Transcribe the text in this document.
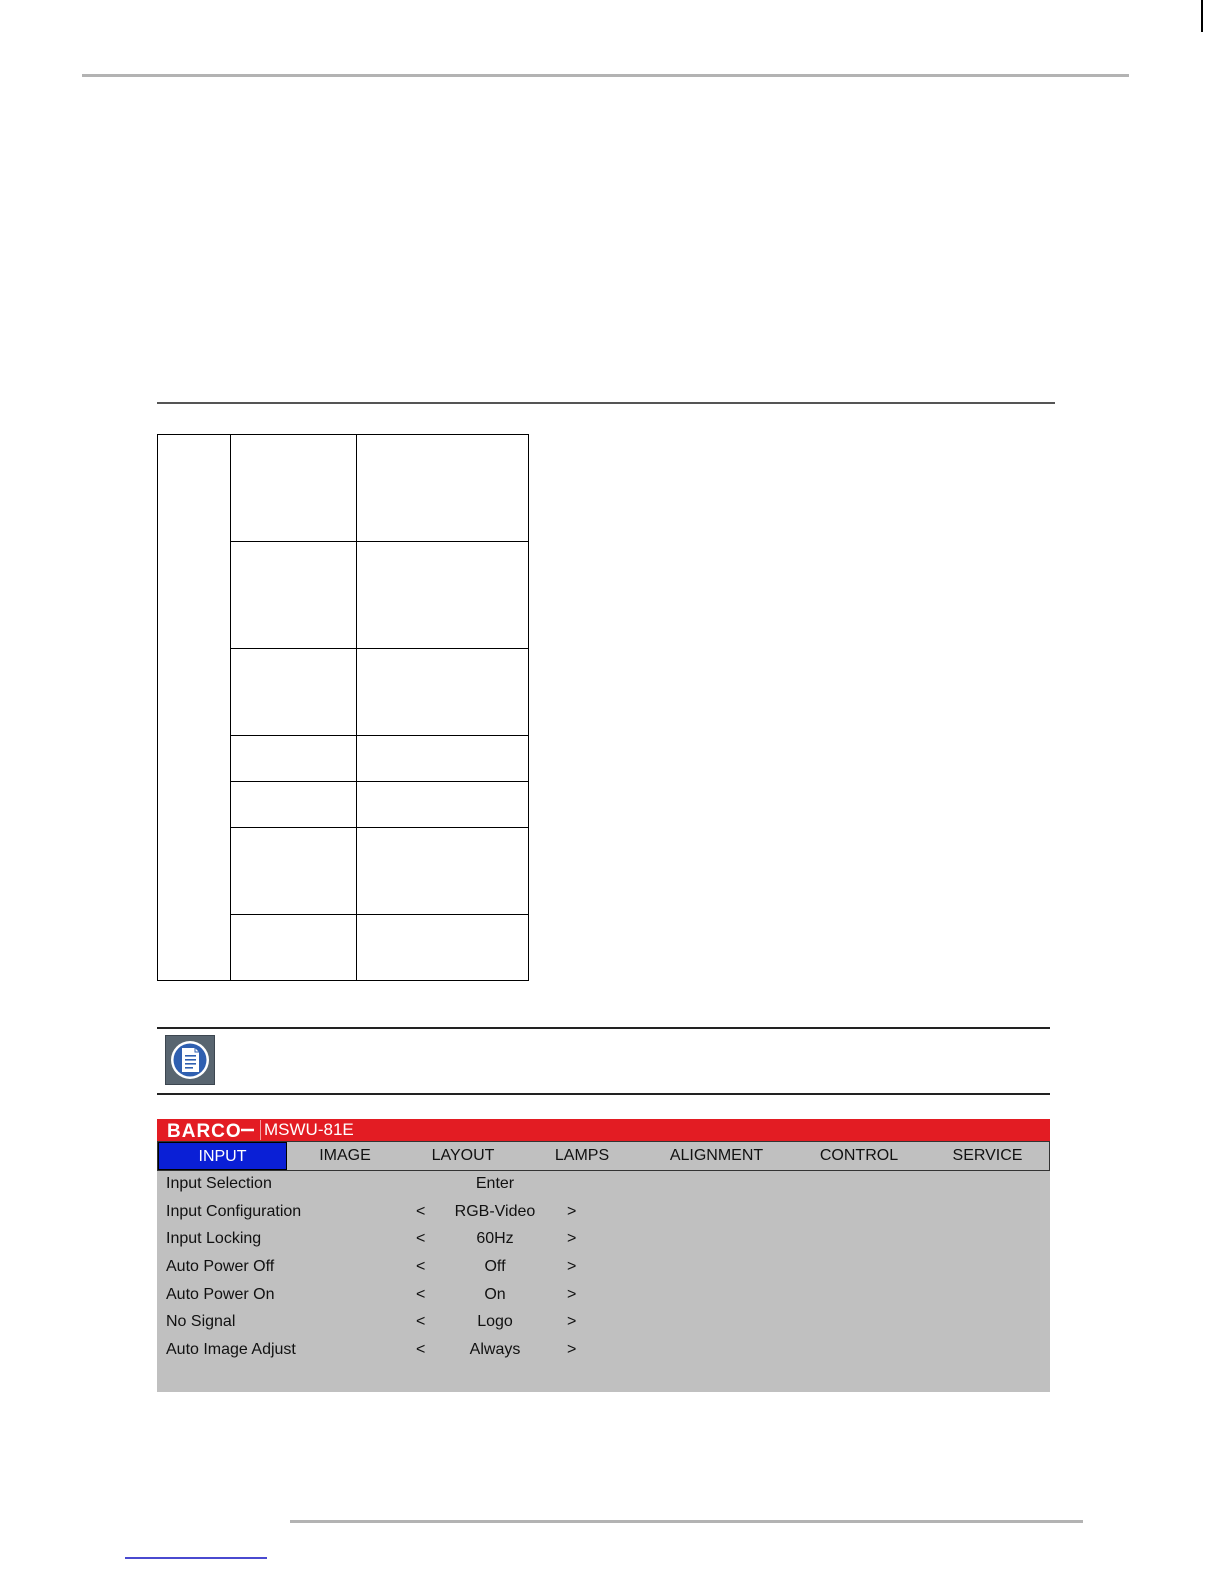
BARCO MSWU-81E
INPUT	IMAGE	LAYOUT	LAMPS	ALIGNMENT	CONTROL	SERVICE
Input Selection	Enter
Input Configuration	<	RGB-Video	>
Input Locking	<	60Hz	>
Auto Power Off	<	Off	>
Auto Power On	<	On	>
No Signal	<	Logo	>
Auto Image Adjust	<	Always	>
